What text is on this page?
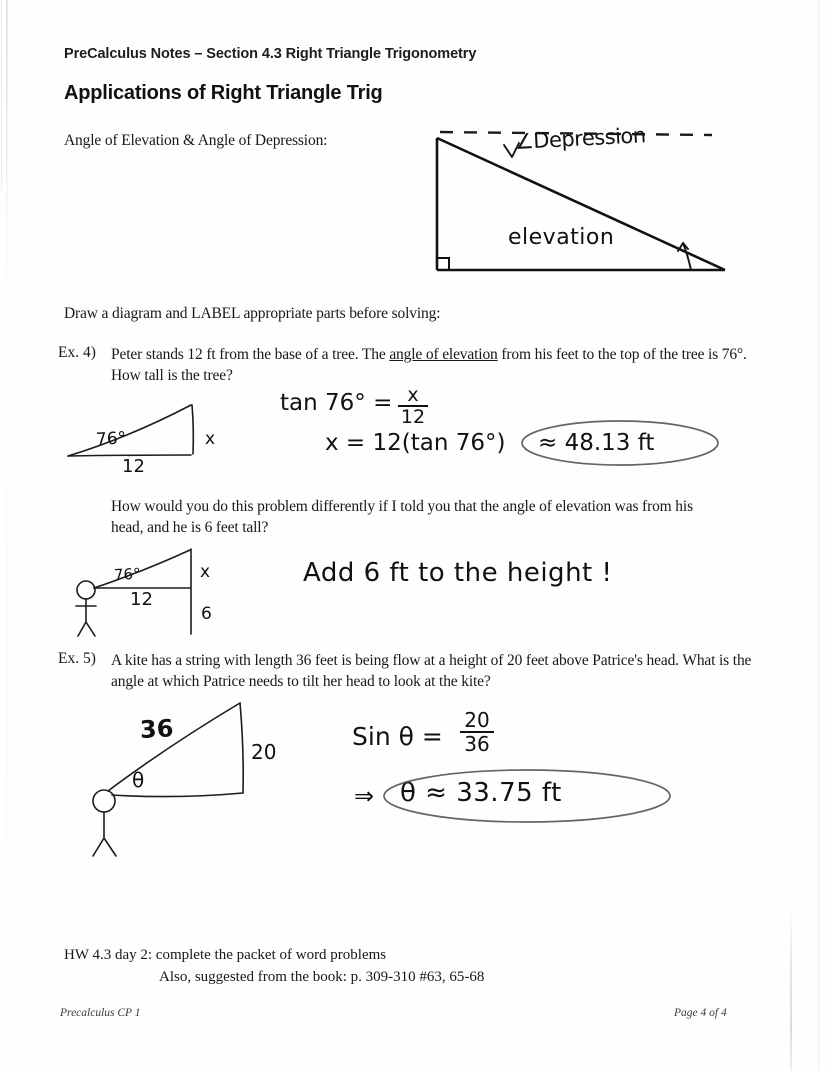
PreCalculus Notes – Section 4.3 Right Triangle Trigonometry
Applications of Right Triangle Trig
Angle of Elevation & Angle of Depression:	∠Depression
elevation
Draw a diagram and LABEL appropriate parts before solving:
Ex. 4) Peter stands 12 ft from the base of a tree. The angle of elevation from his feet to the top of the tree is 76°. How tall is the tree?
76°	x
12
tan 76° = x
12
x = 12(tan 76°) ≈ 48.13 ft
How would you do this problem differently if I told you that the angle of elevation was from his head, and he is 6 feet tall?
76°
12
x
6
Add 6 ft to the height !
Ex. 5) A kite has a string with length 36 feet is being flow at a height of 20 feet above Patrice's head. What is the angle at which Patrice needs to tilt her head to look at the kite?
36
20
θ
Sin θ =
20
36
⇒ θ ≈ 33.75 ft
HW 4.3 day 2: complete the packet of word problems
Also, suggested from the book: p. 309-310 #63, 65-68
Precalculus CP 1	Page 4 of 4
